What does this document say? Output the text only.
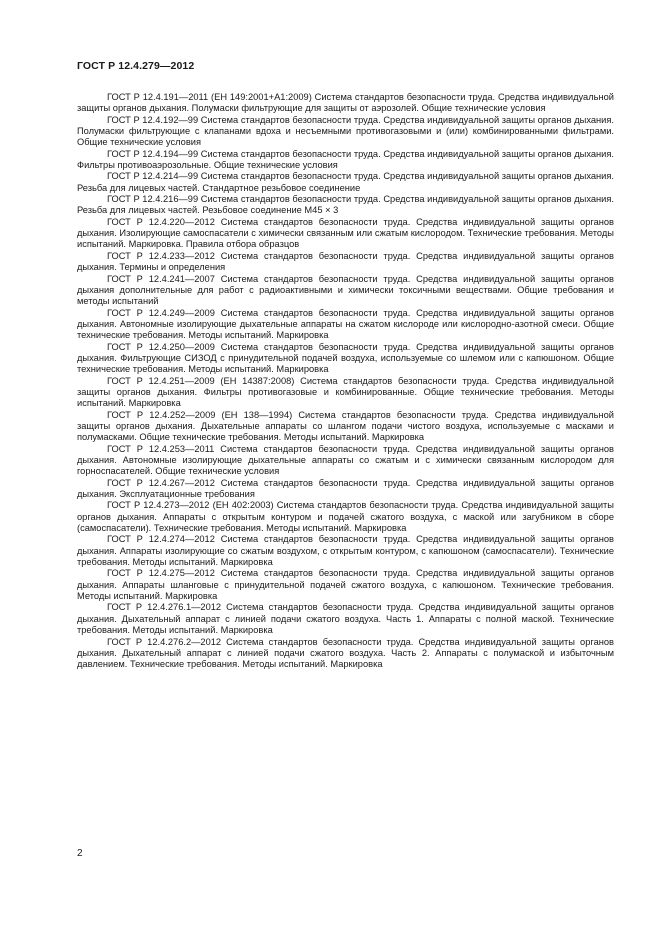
ГОСТ Р 12.4.279—2012
ГОСТ Р 12.4.191—2011 (ЕН 149:2001+А1:2009) Система стандартов безопасности труда. Средства индивидуальной защиты органов дыхания. Полумаски фильтрующие для защиты от аэрозолей. Общие технические условия
ГОСТ Р 12.4.192—99 Система стандартов безопасности труда. Средства индивидуальной защиты органов дыхания. Полумаски фильтрующие с клапанами вдоха и несъемными противогазовыми и (или) комбинированными фильтрами. Общие технические условия
ГОСТ Р 12.4.194—99 Система стандартов безопасности труда. Средства индивидуальной защиты органов дыхания. Фильтры противоаэрозольные. Общие технические условия
ГОСТ Р 12.4.214—99 Система стандартов безопасности труда. Средства индивидуальной защиты органов дыхания. Резьба для лицевых частей. Стандартное резьбовое соединение
ГОСТ Р 12.4.216—99 Система стандартов безопасности труда. Средства индивидуальной защиты органов дыхания. Резьба для лицевых частей. Резьбовое соединение М45 × 3
ГОСТ Р 12.4.220—2012 Система стандартов безопасности труда. Средства индивидуальной защиты органов дыхания. Изолирующие самоспасатели с химически связанным или сжатым кислородом. Технические требования. Методы испытаний. Маркировка. Правила отбора образцов
ГОСТ Р 12.4.233—2012 Система стандартов безопасности труда. Средства индивидуальной защиты органов дыхания. Термины и определения
ГОСТ Р 12.4.241—2007 Система стандартов безопасности труда. Средства индивидуальной защиты органов дыхания дополнительные для работ с радиоактивными и химически токсичными веществами. Общие требования и методы испытаний
ГОСТ Р 12.4.249—2009 Система стандартов безопасности труда. Средства индивидуальной защиты органов дыхания. Автономные изолирующие дыхательные аппараты на сжатом кислороде или кислородно-азотной смеси. Общие технические требования. Методы испытаний. Маркировка
ГОСТ Р 12.4.250—2009 Система стандартов безопасности труда. Средства индивидуальной защиты органов дыхания. Фильтрующие СИЗОД с принудительной подачей воздуха, используемые со шлемом или с капюшоном. Общие технические требования. Методы испытаний. Маркировка
ГОСТ Р 12.4.251—2009 (ЕН 14387:2008) Система стандартов безопасности труда. Средства индивидуальной защиты органов дыхания. Фильтры противогазовые и комбинированные. Общие технические требования. Методы испытаний. Маркировка
ГОСТ Р 12.4.252—2009 (ЕН 138—1994) Система стандартов безопасности труда. Средства индивидуальной защиты органов дыхания. Дыхательные аппараты со шлангом подачи чистого воздуха, используемые с масками и полумасками. Общие технические требования. Методы испытаний. Маркировка
ГОСТ Р 12.4.253—2011 Система стандартов безопасности труда. Средства индивидуальной защиты органов дыхания. Автономные изолирующие дыхательные аппараты со сжатым и с химически связанным кислородом для горноспасателей. Общие технические условия
ГОСТ Р 12.4.267—2012 Система стандартов безопасности труда. Средства индивидуальной защиты органов дыхания. Эксплуатационные требования
ГОСТ Р 12.4.273—2012 (ЕН 402:2003) Система стандартов безопасности труда. Средства индивидуальной защиты органов дыхания. Аппараты с открытым контуром и подачей сжатого воздуха, с маской или загубником в сборе (самоспасатели). Технические требования. Методы испытаний. Маркировка
ГОСТ Р 12.4.274—2012 Система стандартов безопасности труда. Средства индивидуальной защиты органов дыхания. Аппараты изолирующие со сжатым воздухом, с открытым контуром, с капюшоном (самоспасатели). Технические требования. Методы испытаний. Маркировка
ГОСТ Р 12.4.275—2012 Система стандартов безопасности труда. Средства индивидуальной защиты органов дыхания. Аппараты шланговые с принудительной подачей сжатого воздуха, с капюшоном. Технические требования. Методы испытаний. Маркировка
ГОСТ Р 12.4.276.1—2012 Система стандартов безопасности труда. Средства индивидуальной защиты органов дыхания. Дыхательный аппарат с линией подачи сжатого воздуха. Часть 1. Аппараты с полной маской. Технические требования. Методы испытаний. Маркировка
ГОСТ Р 12.4.276.2—2012 Система стандартов безопасности труда. Средства индивидуальной защиты органов дыхания. Дыхательный аппарат с линией подачи сжатого воздуха. Часть 2. Аппараты с полумаской и избыточным давлением. Технические требования. Методы испытаний. Маркировка
2
